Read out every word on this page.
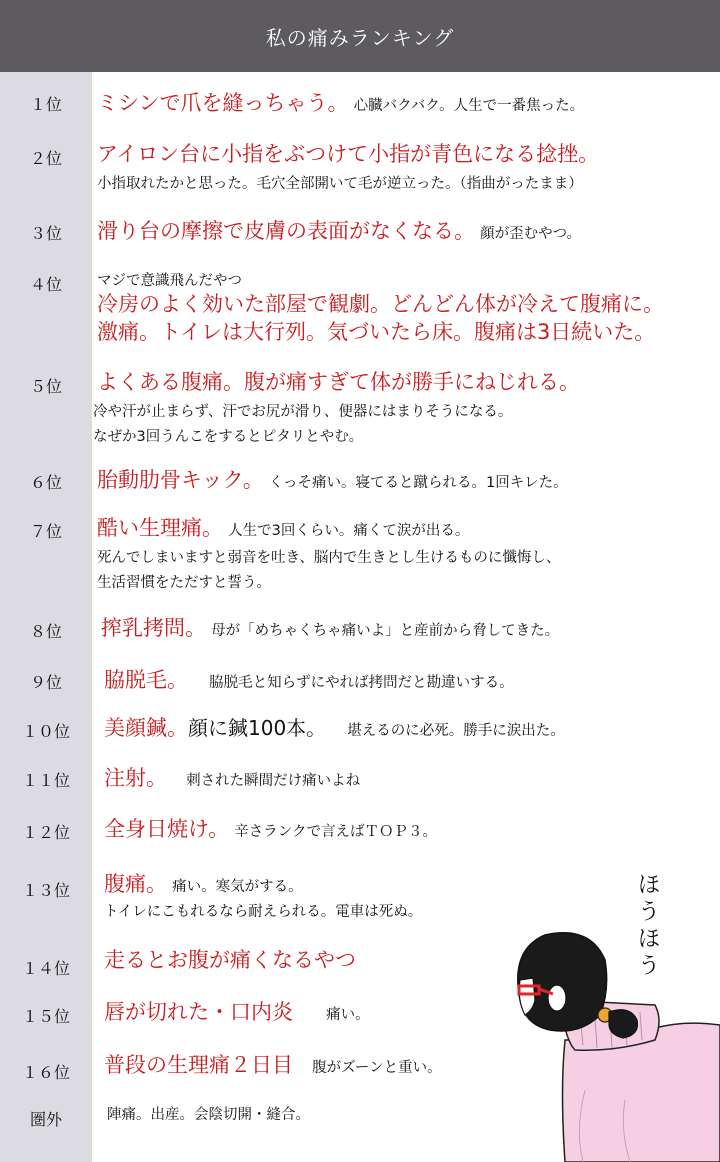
私の痛みランキング
１位	ミシンで爪を縫っちゃう。 心臓バクバク。人生で一番焦った。
２位	アイロン台に小指をぶつけて小指が青色になる捻挫。
小指取れたかと思った。毛穴全部開いて毛が逆立った。（指曲がったまま）
３位	滑り台の摩擦で皮膚の表面がなくなる。 顔が歪むやつ。
４位	マジで意識飛んだやつ
冷房のよく効いた部屋で観劇。どんどん体が冷えて腹痛に。
激痛。トイレは大行列。気づいたら床。腹痛は3日続いた。
５位	よくある腹痛。腹が痛すぎて体が勝手にねじれる。
冷や汗が止まらず、汗でお尻が滑り、便器にはまりそうになる。
なぜか3回うんこをするとピタリとやむ。
６位	胎動肋骨キック。 くっそ痛い。寝てると蹴られる。1回キレた。
７位	酷い生理痛。 人生で3回くらい。痛くて涙が出る。
死んでしまいますと弱音を吐き、脳内で生きとし生けるものに懺悔し、
生活習慣をただすと誓う。
８位	搾乳拷問。 母が「めちゃくちゃ痛いよ」と産前から脅してきた。
９位	脇脱毛。 脇脱毛と知らずにやれば拷問だと勘違いする。
１０位	美顔鍼。顔に鍼100本。 堪えるのに必死。勝手に涙出た。
１１位	注射。 刺された瞬間だけ痛いよね
１２位	全身日焼け。 辛さランクで言えばＴＯＰ３。
１３位	腹痛。 痛い。寒気がする。
トイレにこもれるなら耐えられる。電車は死ぬ。
１４位	走るとお腹が痛くなるやつ
１５位	唇が切れた・口内炎 痛い。
１６位	普段の生理痛２日目 腹がズーンと重い。
圏外	陣痛。出産。会陰切開・縫合。
ほうほう
